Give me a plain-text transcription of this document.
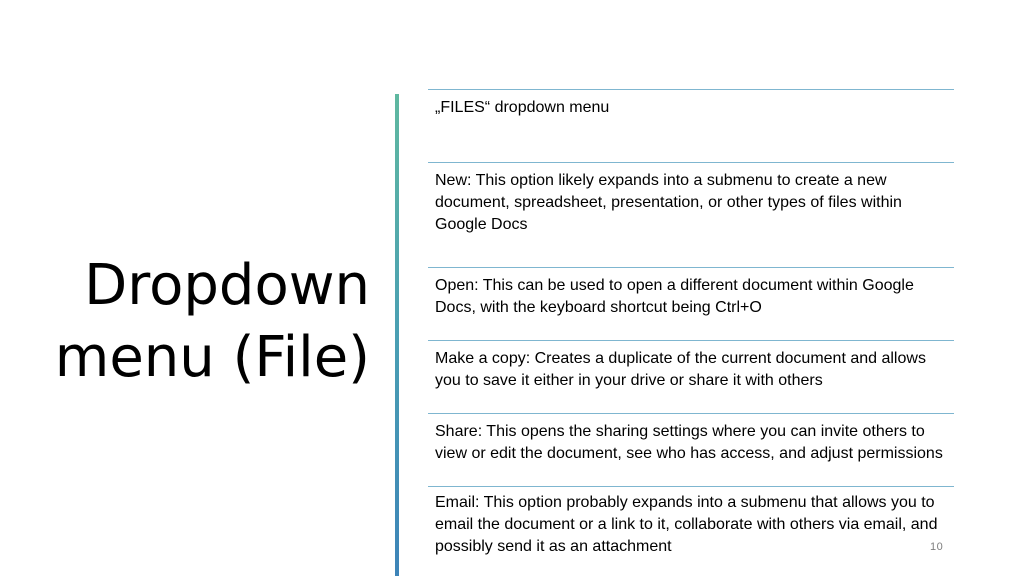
Dropdown menu (File)
„FILES“ dropdown menu
New: This option likely expands into a submenu to create a new document, spreadsheet, presentation, or other types of files within Google Docs
Open: This can be used to open a different document within Google Docs, with the keyboard shortcut being Ctrl+O
Make a copy: Creates a duplicate of the current document and allows you to save it either in your drive or share it with others
Share: This opens the sharing settings where you can invite others to view or edit the document, see who has access, and adjust permissions
Email: This option probably expands into a submenu that allows you to email the document or a link to it, collaborate with others via email, and possibly send it as an attachment	10
